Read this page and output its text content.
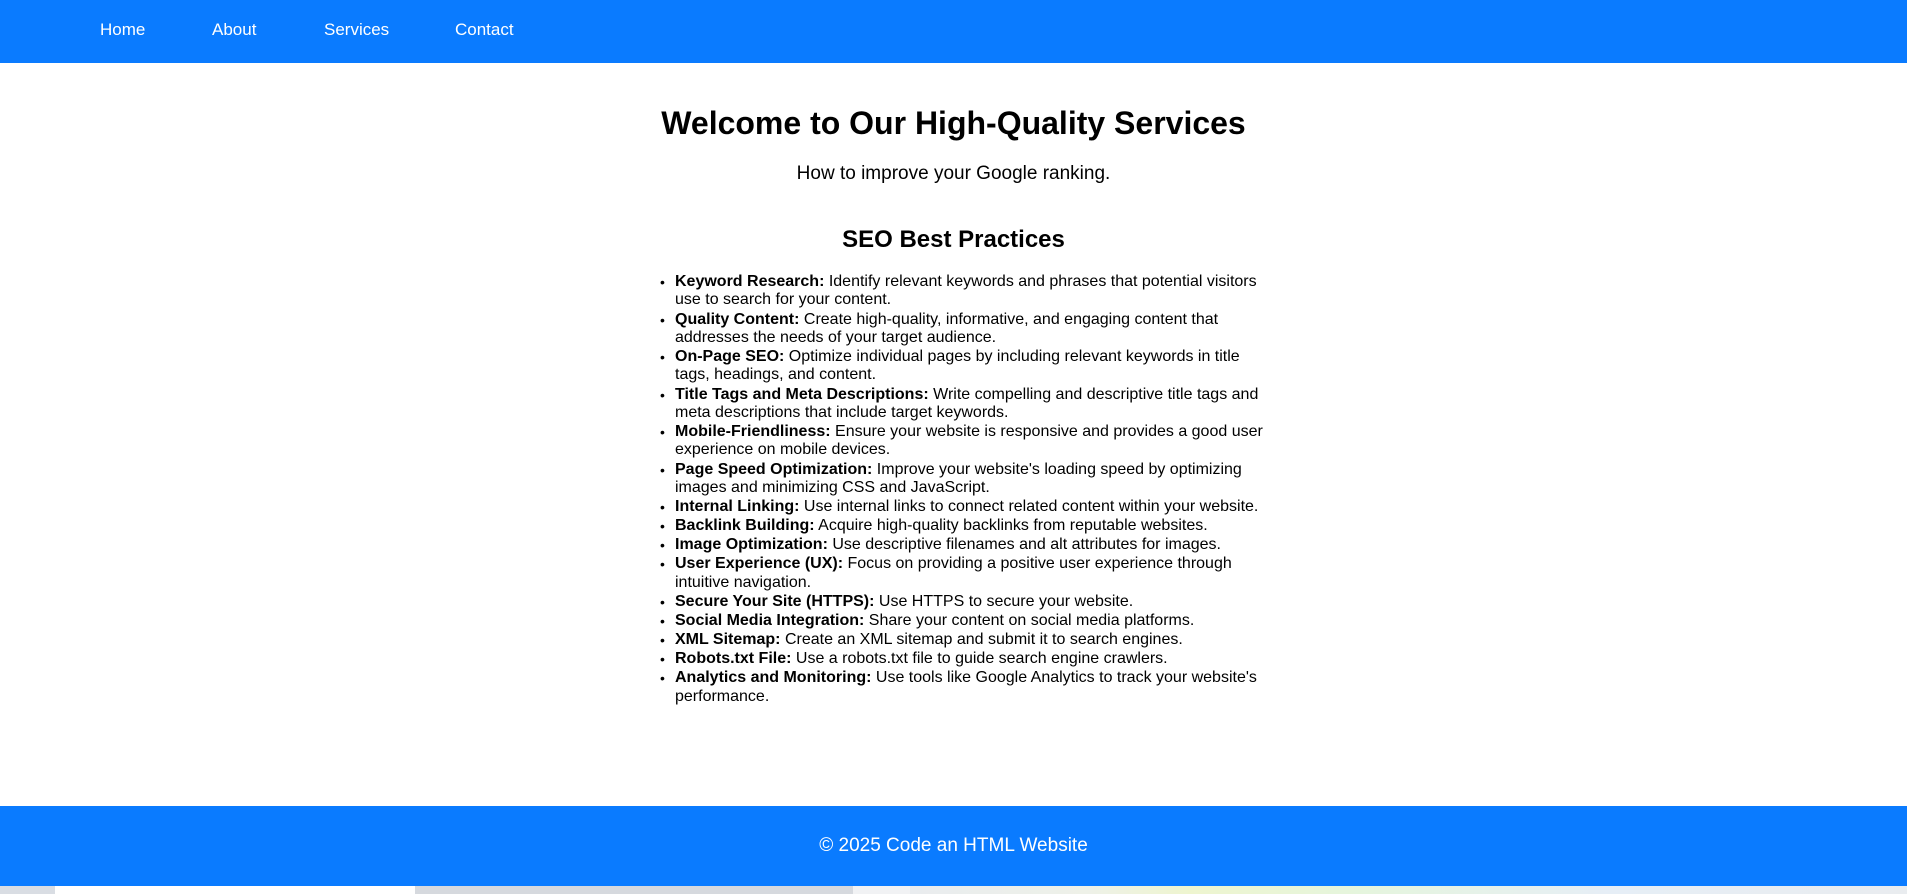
Home	About	Services	Contact
Welcome to Our High-Quality Services

How to improve your Google ranking.

SEO Best Practices
• Keyword Research: Identify relevant keywords and phrases that potential visitors use to search for your content.
• Quality Content: Create high-quality, informative, and engaging content that addresses the needs of your target audience.
• On-Page SEO: Optimize individual pages by including relevant keywords in title tags, headings, and content.
• Title Tags and Meta Descriptions: Write compelling and descriptive title tags and meta descriptions that include target keywords.
• Mobile-Friendliness: Ensure your website is responsive and provides a good user experience on mobile devices.
• Page Speed Optimization: Improve your website's loading speed by optimizing images and minimizing CSS and JavaScript.
• Internal Linking: Use internal links to connect related content within your website.
• Backlink Building: Acquire high-quality backlinks from reputable websites.
• Image Optimization: Use descriptive filenames and alt attributes for images.
• User Experience (UX): Focus on providing a positive user experience through intuitive navigation.
• Secure Your Site (HTTPS): Use HTTPS to secure your website.
• Social Media Integration: Share your content on social media platforms.
• XML Sitemap: Create an XML sitemap and submit it to search engines.
• Robots.txt File: Use a robots.txt file to guide search engine crawlers.
• Analytics and Monitoring: Use tools like Google Analytics to track your website's performance.

© 2025 Code an HTML Website
